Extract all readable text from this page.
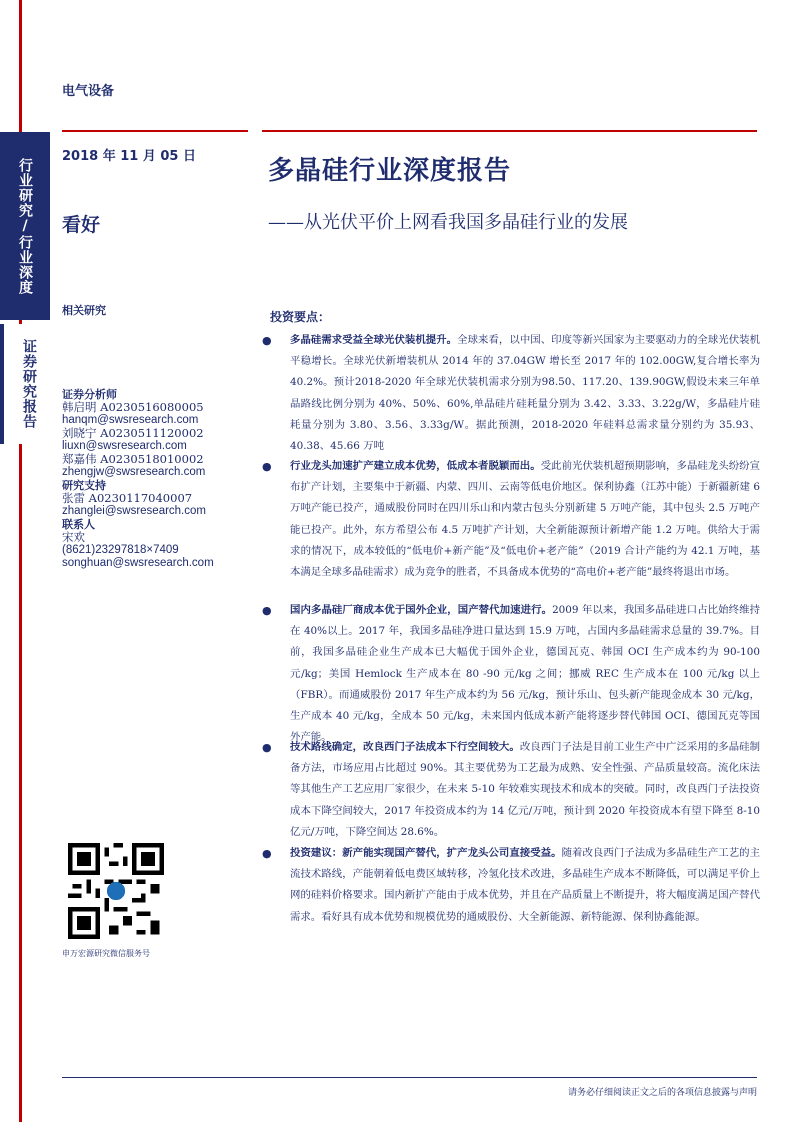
电气设备
行业研究/行业深度
证券研究报告
2018 年 11 月 05 日
看好
多晶硅行业深度报告
——从光伏平价上网看我国多晶硅行业的发展
相关研究
证券分析师
韩启明 A0230516080005
hanqm@swsresearch.com
刘晓宁 A0230511120002
liuxn@swsresearch.com
郑嘉伟 A0230518010002
zhengjw@swsresearch.com
研究支持
张雷 A0230117040007
zhanglei@swsresearch.com
联系人
宋欢
(8621)23297818×7409
songhuan@swsresearch.com
申万宏源研究微信服务号
投资要点：
● 多晶硅需求受益全球光伏装机提升。全球来看，以中国、印度等新兴国家为主要驱动力的全球光伏装机平稳增长。全球光伏新增装机从 2014 年的 37.04GW 增长至 2017 年的 102.00GW,复合增长率为 40.2%。预计2018-2020 年全球光伏装机需求分别为98.50、117.20、139.90GW,假设未来三年单晶路线比例分别为 40%、50%、60%,单晶硅片硅耗量分别为 3.42、3.33、3.22g/W，多晶硅片硅耗量分别为 3.80、3.56、3.33g/W。据此预测，2018-2020 年硅料总需求量分别约为 35.93、40.38、45.66 万吨
● 行业龙头加速扩产建立成本优势，低成本者脱颖而出。受此前光伏装机超预期影响，多晶硅龙头纷纷宣布扩产计划，主要集中于新疆、内蒙、四川、云南等低电价地区。保利协鑫（江苏中能）于新疆新建 6 万吨产能已投产，通威股份同时在四川乐山和内蒙古包头分别新建 5 万吨产能，其中包头 2.5 万吨产能已投产。此外，东方希望公布 4.5 万吨扩产计划，大全新能源预计新增产能 1.2 万吨。供给大于需求的情况下，成本较低的“低电价+新产能”及“低电价+老产能”（2019 合计产能约为 42.1 万吨，基本满足全球多晶硅需求）成为竞争的胜者，不具备成本优势的“高电价+老产能”最终将退出市场。
● 国内多晶硅厂商成本优于国外企业，国产替代加速进行。2009 年以来，我国多晶硅进口占比始终维持在 40%以上。2017 年，我国多晶硅净进口量达到 15.9 万吨，占国内多晶硅需求总量的 39.7%。目前，我国多晶硅企业生产成本已大幅优于国外企业，德国瓦克、韩国 OCI 生产成本约为 90-100 元/kg；美国 Hemlock 生产成本在 80 -90 元/kg 之间；挪威 REC 生产成本在 100 元/kg 以上（FBR）。而通威股份 2017 年生产成本约为 56 元/kg，预计乐山、包头新产能现金成本 30 元/kg，生产成本 40 元/kg，全成本 50 元/kg，未来国内低成本新产能将逐步替代韩国 OCI、德国瓦克等国外产能。
● 技术路线确定，改良西门子法成本下行空间较大。改良西门子法是目前工业生产中广泛采用的多晶硅制备方法，市场应用占比超过 90%。其主要优势为工艺最为成熟、安全性强、产品质量较高。流化床法等其他生产工艺应用厂家很少，在未来 5-10 年较难实现技术和成本的突破。同时，改良西门子法投资成本下降空间较大，2017 年投资成本约为 14 亿元/万吨，预计到 2020 年投资成本有望下降至 8-10 亿元/万吨，下降空间达 28.6%。
● 投资建议：新产能实现国产替代，扩产龙头公司直接受益。随着改良西门子法成为多晶硅生产工艺的主流技术路线，产能朝着低电费区域转移，冷氢化技术改进，多晶硅生产成本不断降低，可以满足平价上网的硅料价格要求。国内新扩产能由于成本优势，并且在产品质量上不断提升，将大幅度满足国产替代需求。看好具有成本优势和规模优势的通威股份、大全新能源、新特能源、保利协鑫能源。
请务必仔细阅读正文之后的各项信息披露与声明
